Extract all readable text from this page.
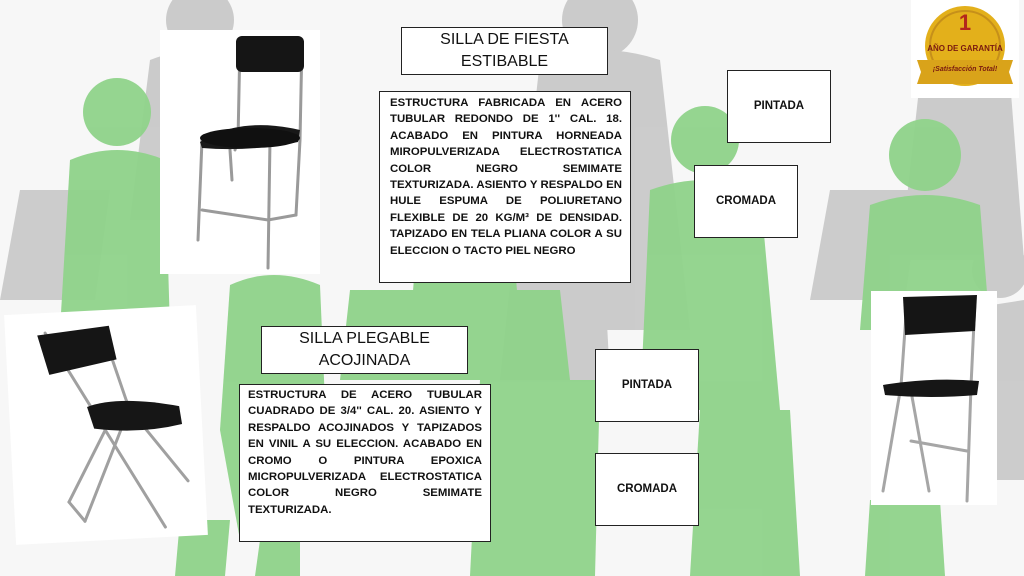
SILLA DE FIESTA
ESTIBABLE
ESTRUCTURA FABRICADA EN ACERO TUBULAR REDONDO DE 1'' CAL. 18. ACABADO EN PINTURA HORNEADA MIROPULVERIZADA ELECTROSTATICA COLOR NEGRO SEMIMATE TEXTURIZADA. ASIENTO Y RESPALDO EN HULE ESPUMA DE POLIURETANO FLEXIBLE DE 20 KG/M³ DE DENSIDAD. TAPIZADO EN TELA PLIANA COLOR A SU ELECCION O TACTO PIEL NEGRO
PINTADA
CROMADA
1
AÑO DE GARANTÍA
¡Satisfacción Total!
SILLA PLEGABLE
ACOJINADA
ESTRUCTURA DE ACERO TUBULAR CUADRADO DE 3/4'' CAL. 20. ASIENTO Y RESPALDO ACOJINADOS Y TAPIZADOS EN VINIL A SU ELECCION. ACABADO EN CROMO O PINTURA EPOXICA MICROPULVERIZADA ELECTROSTATICA COLOR NEGRO SEMIMATE TEXTURIZADA.
PINTADA
CROMADA
